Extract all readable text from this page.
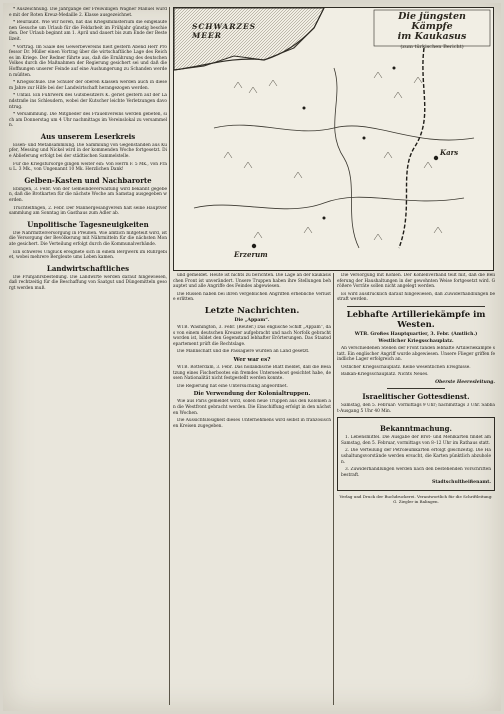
* Auszeichnung. Die Jahrgänge der Freiwilligen Wagner Manuel wurde mit der Roten Kreuz-Medaille 2. Klasse ausgezeichnet.

* Beurlaubt. Wie wir hören, hat das Kriegsministerium die eingelaufenen Gesuche um Urlaub für die Feldarbeit im Frühjahr günstig beschieden. Der Urlaub beginnt am 1. April und dauert bis zum Ende der Bestellzeit.

* Vortrag. Im Saale des Gewerbevereins hielt gestern Abend Herr Professor Dr. Müller einen Vortrag über die wirtschaftliche Lage des Reiches im Kriege. Der Redner führte aus, daß die Ernährung des deutschen Volkes durch die Maßnahmen der Regierung gesichert sei und daß die Hoffnungen unserer Feinde auf eine Aushungerung zu Schanden werden müßten.

* Kriegsschule. Die Schüler der oberen Klassen werden auch in diesem Jahre zur Hilfe bei der Landwirtschaft herangezogen werden.

* Unfall. Ein Fuhrwerk des Gutsbesitzers K. geriet gestern auf der Landstraße ins Schleudern, wobei der Kutscher leichte Verletzungen davontrug.

* Versammlung. Die Mitglieder des Frauenvereins werden gebeten, sich am Donnerstag um 4 Uhr nachmittags im Vereinslokal zu versammeln.

Aus unserem Leserkreis

Eisen- und Metallsammlung. Die Sammlung von Gegenständen aus Kupfer, Messing und Nickel wird in der kommenden Woche fortgesetzt. Die Ablieferung erfolgt bei der städtischen Sammelstelle.

Für die Kriegsfürsorge gingen weiter ein: Von Herrn F. 5 Mk., von Frau L. 3 Mk., von Ungenannt 10 Mk. Herzlichen Dank!

Gelben-Kasten und Nachbarorte

Ebingen, 3. Febr. Von der Gemeindeverwaltung wird bekannt gegeben, daß die Brotkarten für die nächste Woche am Samstag ausgegeben werden.

Truchtelfingen, 2. Febr. Der Männergesangverein hält seine Hauptversammlung am Sonntag im Gasthaus zum Adler ab.

Unpolitische Tagesneuigkeiten

Die Nährmittelversorgung in Preußen. Wie amtlich mitgeteilt wird, ist die Versorgung der Bevölkerung mit Nährmitteln für die nächsten Monate gesichert. Die Verteilung erfolgt durch die Kommunalverbände.

Ein schweres Unglück ereignete sich in einem Bergwerk im Ruhrgebiet, wobei mehrere Bergleute ums Leben kamen.

Landwirtschaftliches

Die Frühjahrsbestellung. Die Landwirte werden darauf hingewiesen, daß rechtzeitig für die Beschaffung von Saatgut und Düngemitteln gesorgt werden muß.

Die jüngsten Kämpfe
im Kaukasus
(zum türkischen Bericht)
SCHWARZES MEER
Kars
Erzerum

und gemeldet. Heute ist nichts zu berichten. Die Lage an der kaukasischen Front ist unverändert. Unsere Truppen haben ihre Stellungen behauptet und alle Angriffe des Feindes abgewiesen.

Die Russen haben bei ihren vergeblichen Angriffen erhebliche Verluste erlitten.

Letzte Nachrichten.
Die „Appam“.

WTB. Washington, 3. Febr. (Reuter.) Das englische Schiff „Appam“, das von einem deutschen Kreuzer aufgebracht und nach Norfolk gebracht worden ist, bildet den Gegenstand lebhafter Erörterungen. Das Staatsdepartement prüft die Rechtslage.

Die Mannschaft und die Passagiere wurden an Land gesetzt.

Wer war es?

WTB. Rotterdam, 3. Febr. Das holländische Blatt meldet, daß die Besatzung eines Fischerbootes ein fremdes Unterseeboot gesichtet habe, dessen Nationalität nicht festgestellt werden konnte.

Die Regierung hat eine Untersuchung angeordnet.

Die Verwendung der Kolonialtruppen.

Wie aus Paris gemeldet wird, sollen neue Truppen aus den Kolonien an die Westfront gebracht werden. Die Einschiffung erfolgt in den nächsten Wochen.

Die Aussichtslosigkeit dieses Unternehmens wird selbst in französischen Kreisen zugegeben.

Die Versorgung mit Kohlen. Der Kohlenverband teilt mit, daß die Belieferung der Haushaltungen in der gewohnten Weise fortgesetzt wird. Größere Vorräte sollen nicht angelegt werden.

Es wird ausdrücklich darauf hingewiesen, daß Zuwiderhandlungen bestraft werden.

Lebhafte Artilleriekämpfe im Westen.
WTB. Großes Hauptquartier, 3. Febr. (Amtlich.)
Westlicher Kriegsschauplatz.

An verschiedenen Stellen der Front fanden lebhafte Artilleriekämpfe statt. Ein englischer Angriff wurde abgewiesen. Unsere Flieger griffen feindliche Lager erfolgreich an.

Östlicher Kriegsschauplatz. Keine wesentlichen Ereignisse.

Balkan-Kriegsschauplatz. Nichts Neues.

Oberste Heeresleitung.
Israelitischer Gottesdienst.

Samstag, den 5. Februar: Vormittags 9 Uhr; nachmittags 3 Uhr. Sabbat-Ausgang 5 Uhr 40 Min.

Bekanntmachung.

1. Lebensmittel. Die Ausgabe der Brot- und Mehlkarten findet am Samstag, den 5. Februar, vormittags von 8–12 Uhr im Rathaus statt.

2. Die Verteilung der Petroleumkarten erfolgt gleichzeitig. Die Haushaltungsvorstände werden ersucht, die Karten pünktlich abzuholen.

3. Zuwiderhandlungen werden nach den bestehenden Vorschriften bestraft.

Stadtschultheißenamt.
Verlag und Druck der Buchdruckerei. Verantwortlich für die Schriftleitung: G. Ziegler in Balingen.
